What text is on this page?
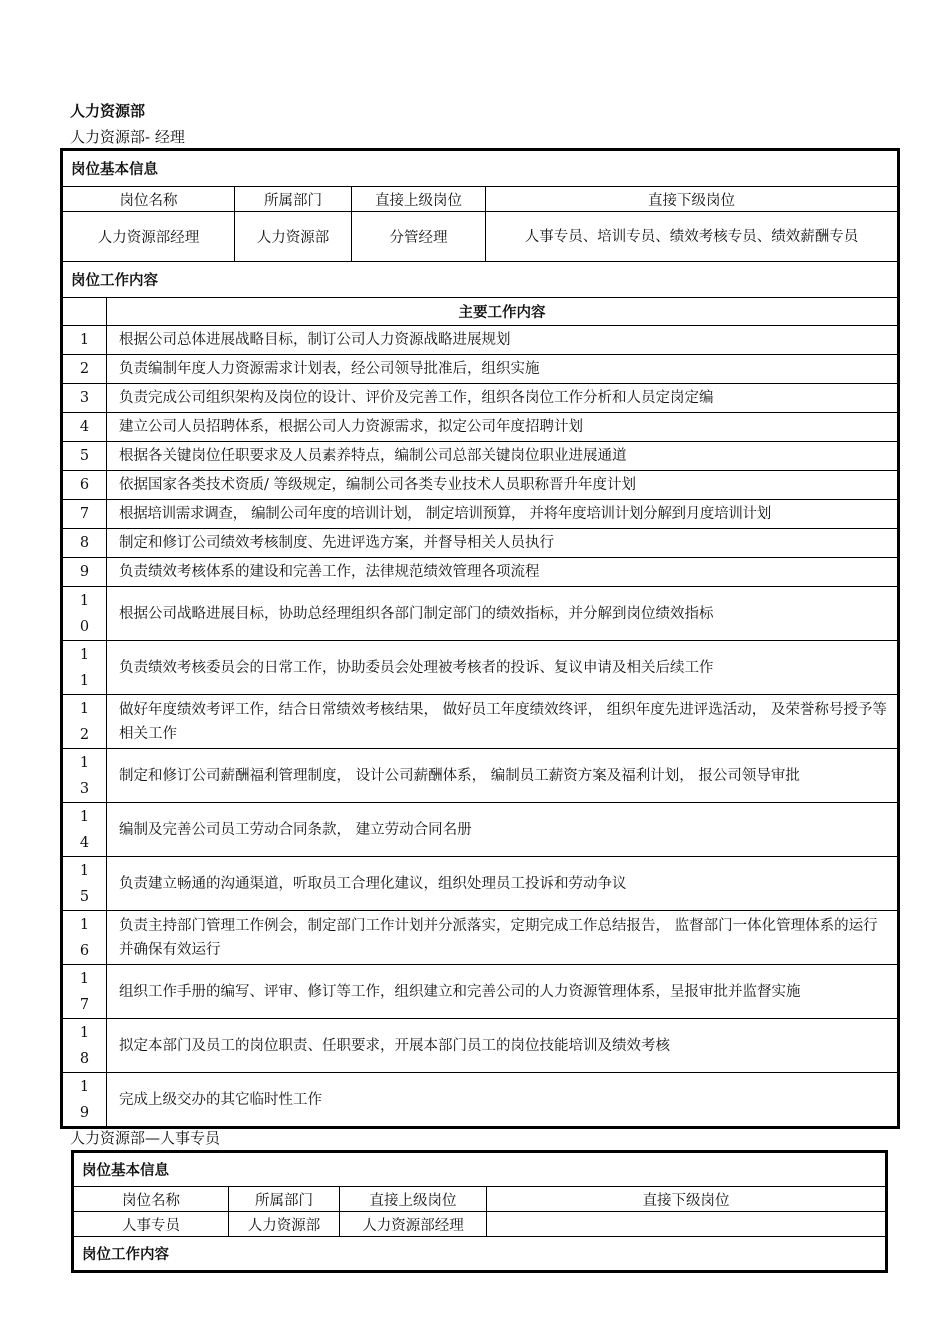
人力资源部
人力资源部- 经理
岗位基本信息				
岗位名称		所属部门	直接上级岗位	直接下级岗位
人力资源部经理		人力资源部	分管经理	人事专员、培训专员、绩效考核专员、绩效薪酬专员
岗位工作内容				
	主要工作内容			
1	根据公司总体进展战略目标，制订公司人力资源战略进展规划			
2	负责编制年度人力资源需求计划表，经公司领导批准后，组织实施			
3	负责完成公司组织架构及岗位的设计、评价及完善工作，组织各岗位工作分析和人员定岗定编			
4	建立公司人员招聘体系，根据公司人力资源需求，拟定公司年度招聘计划			
5	根据各关键岗位任职要求及人员素养特点，编制公司总部关键岗位职业进展通道			
6	依据国家各类技术资质/ 等级规定，编制公司各类专业技术人员职称晋升年度计划			
7	根据培训需求调查， 编制公司年度的培训计划， 制定培训预算， 并将年度培训计划分解到月度培训计划			
8	制定和修订公司绩效考核制度、先进评选方案，并督导相关人员执行			
9	负责绩效考核体系的建设和完善工作，法律规范绩效管理各项流程			
10	根据公司战略进展目标，协助总经理组织各部门制定部门的绩效指标，并分解到岗位绩效指标			
11	负责绩效考核委员会的日常工作，协助委员会处理被考核者的投诉、复议申请及相关后续工作			
12	做好年度绩效考评工作，结合日常绩效考核结果， 做好员工年度绩效终评， 组织年度先进评选活动， 及荣誉称号授予等相关工作			
13	制定和修订公司薪酬福利管理制度， 设计公司薪酬体系， 编制员工薪资方案及福利计划， 报公司领导审批			
14	编制及完善公司员工劳动合同条款， 建立劳动合同名册			
15	负责建立畅通的沟通渠道，听取员工合理化建议，组织处理员工投诉和劳动争议			
16	负责主持部门管理工作例会，制定部门工作计划并分派落实，定期完成工作总结报告， 监督部门一体化管理体系的运行并确保有效运行			
17	组织工作手册的编写、评审、修订等工作，组织建立和完善公司的人力资源管理体系，呈报审批并监督实施			
18	拟定本部门及员工的岗位职责、任职要求，开展本部门员工的岗位技能培训及绩效考核			
19	完成上级交办的其它临时性工作			
人力资源部—人事专员
岗位基本信息			
岗位名称	所属部门	直接上级岗位	直接下级岗位
人事专员	人力资源部	人力资源部经理	
岗位工作内容			
